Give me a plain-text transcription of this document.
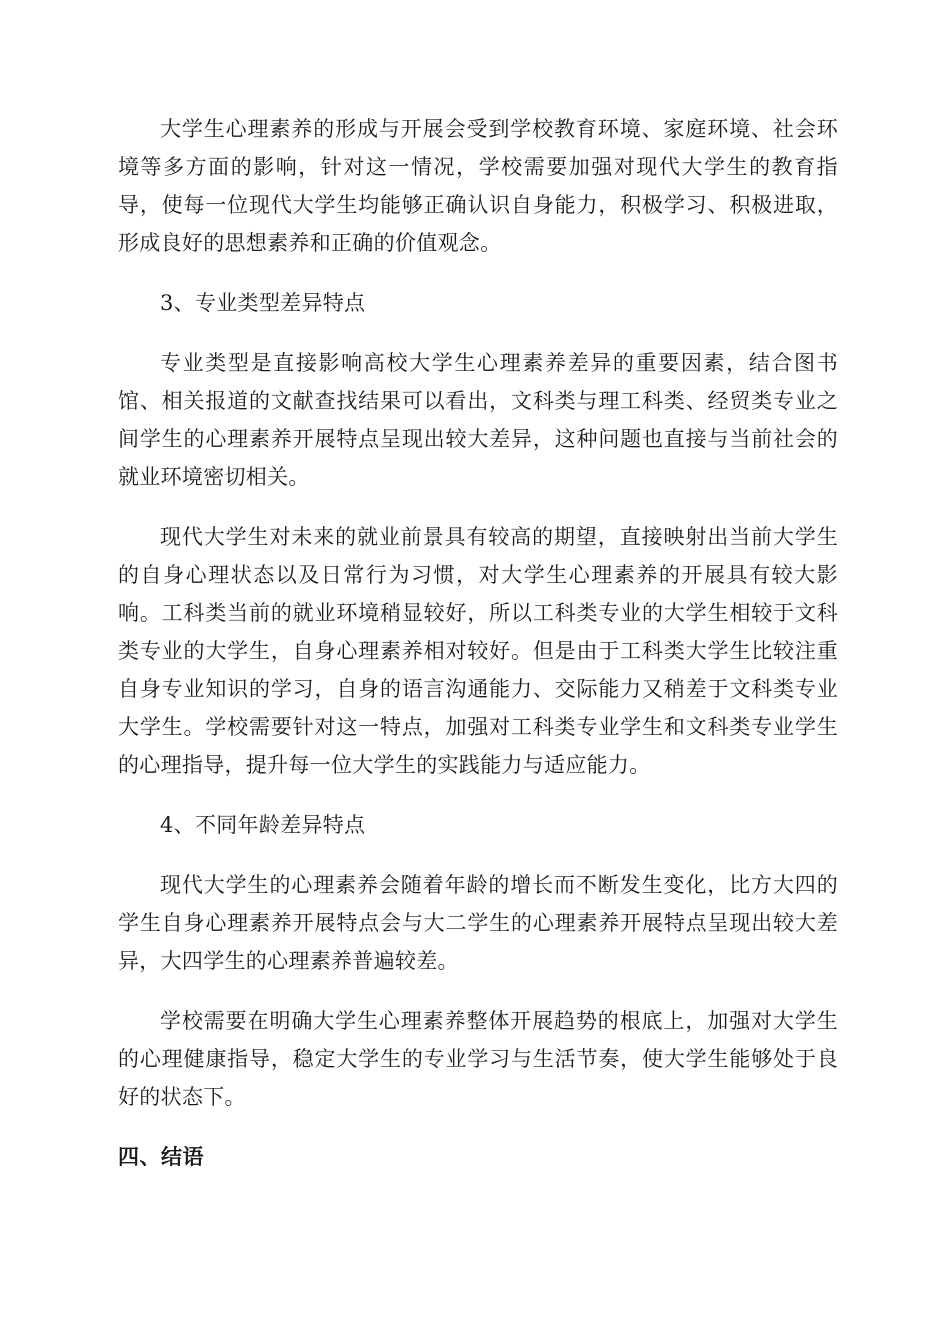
大学生心理素养的形成与开展会受到学校教育环境、家庭环境、社会环境等多方面的影响，针对这一情况，学校需要加强对现代大学生的教育指导，使每一位现代大学生均能够正确认识自身能力，积极学习、积极进取，形成良好的思想素养和正确的价值观念。

3、专业类型差异特点

专业类型是直接影响高校大学生心理素养差异的重要因素，结合图书馆、相关报道的文献查找结果可以看出，文科类与理工科类、经贸类专业之间学生的心理素养开展特点呈现出较大差异，这种问题也直接与当前社会的就业环境密切相关。

现代大学生对未来的就业前景具有较高的期望，直接映射出当前大学生的自身心理状态以及日常行为习惯，对大学生心理素养的开展具有较大影响。工科类当前的就业环境稍显较好，所以工科类专业的大学生相较于文科类专业的大学生，自身心理素养相对较好。但是由于工科类大学生比较注重自身专业知识的学习，自身的语言沟通能力、交际能力又稍差于文科类专业大学生。学校需要针对这一特点，加强对工科类专业学生和文科类专业学生的心理指导，提升每一位大学生的实践能力与适应能力。

4、不同年龄差异特点

现代大学生的心理素养会随着年龄的增长而不断发生变化，比方大四的学生自身心理素养开展特点会与大二学生的心理素养开展特点呈现出较大差异，大四学生的心理素养普遍较差。

学校需要在明确大学生心理素养整体开展趋势的根底上，加强对大学生的心理健康指导，稳定大学生的专业学习与生活节奏，使大学生能够处于良好的状态下。

四、结语
